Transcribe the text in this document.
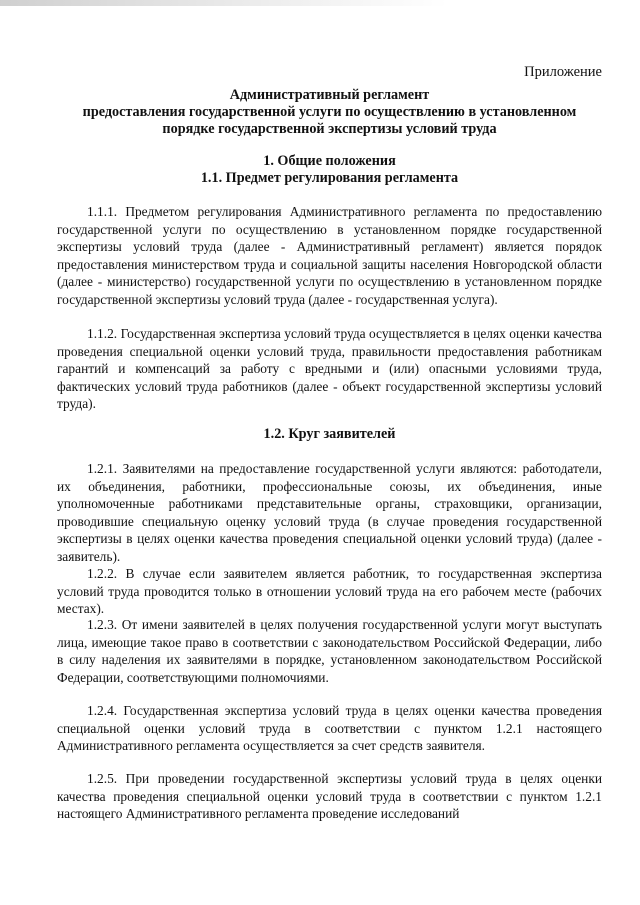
Приложение
Административный регламент
предоставления государственной услуги по осуществлению в установленном
порядке государственной экспертизы условий труда
1. Общие положения
1.1. Предмет регулирования регламента

1.1.1. Предметом регулирования Административного регламента по предоставлению государственной услуги по осуществлению в установленном порядке государственной экспертизы условий труда (далее - Административный регламент) является порядок предоставления министерством труда и социальной защиты населения Новгородской области (далее - министерство) государственной услуги по осуществлению в установленном порядке государственной экспертизы условий труда (далее - государственная услуга).

1.1.2. Государственная экспертиза условий труда осуществляется в целях оценки качества проведения специальной оценки условий труда, правильности предоставления работникам гарантий и компенсаций за работу с вредными и (или) опасными условиями труда, фактических условий труда работников (далее - объект государственной экспертизы условий труда).

1.2. Круг заявителей

1.2.1. Заявителями на предоставление государственной услуги являются: работодатели, их объединения, работники, профессиональные союзы, их объединения, иные уполномоченные работниками представительные органы, страховщики, организации, проводившие специальную оценку условий труда (в случае проведения государственной экспертизы в целях оценки качества проведения специальной оценки условий труда) (далее - заявитель).

1.2.2. В случае если заявителем является работник, то государственная экспертиза условий труда проводится только в отношении условий труда на его рабочем месте (рабочих местах).

1.2.3. От имени заявителей в целях получения государственной услуги могут выступать лица, имеющие такое право в соответствии с законодательством Российской Федерации, либо в силу наделения их заявителями в порядке, установленном законодательством Российской Федерации, соответствующими полномочиями.

1.2.4. Государственная экспертиза условий труда в целях оценки качества проведения специальной оценки условий труда в соответствии с пунктом 1.2.1 настоящего Административного регламента осуществляется за счет средств заявителя.

1.2.5. При проведении государственной экспертизы условий труда в целях оценки качества проведения специальной оценки условий труда в соответствии с пунктом 1.2.1 настоящего Административного регламента проведение исследований
